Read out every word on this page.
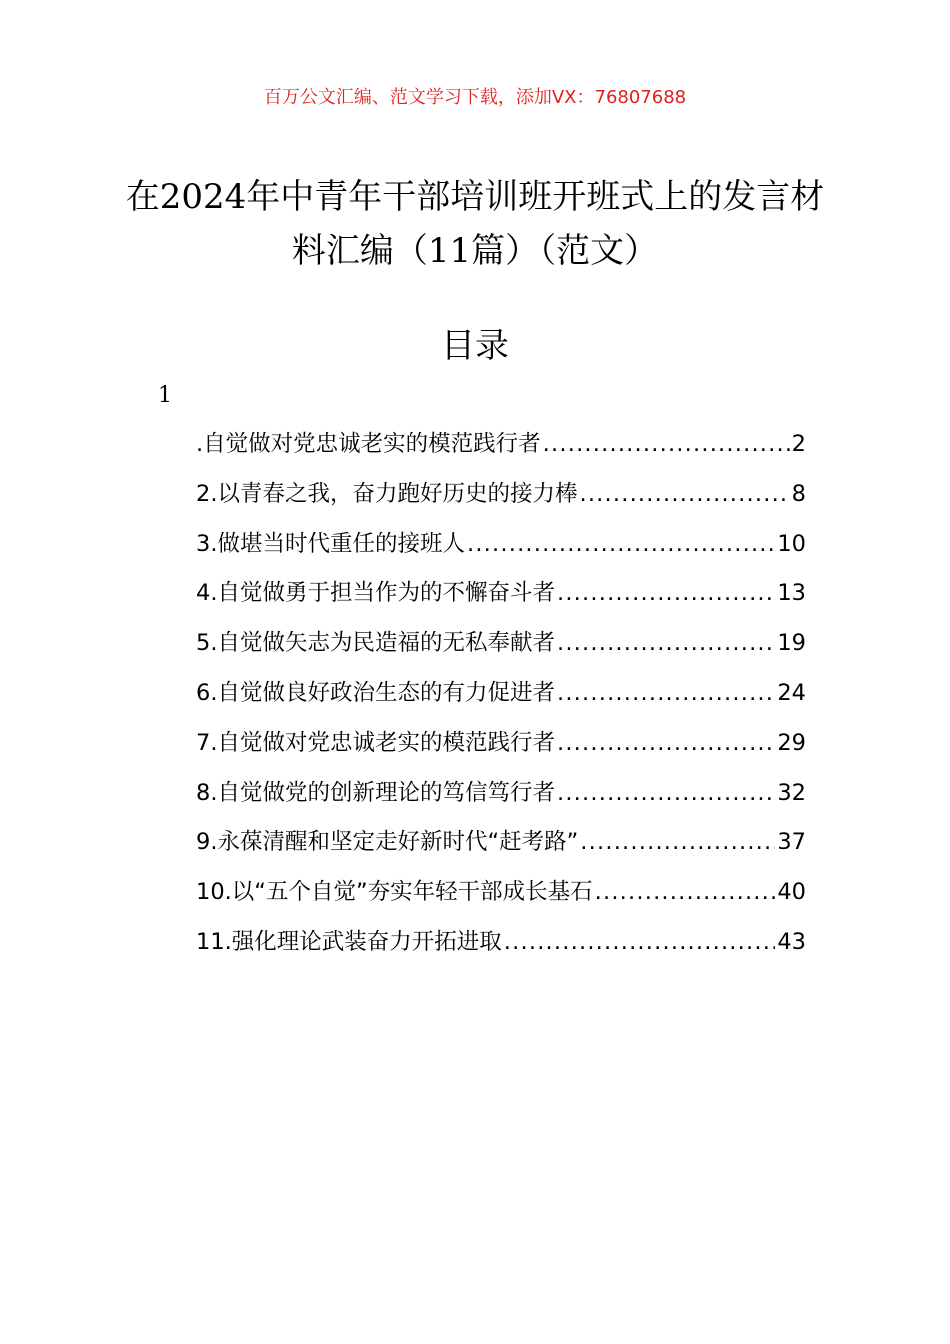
百万公文汇编、范文学习下载，添加VX：76807688
在2024年中青年干部培训班开班式上的发言材料汇编（11篇）（范文）
目录
1
.自觉做对党忠诚老实的模范践行者 .....	2
2.以青春之我，奋力跑好历史的接力棒 .....	8
3.做堪当时代重任的接班人 .....	10
4.自觉做勇于担当作为的不懈奋斗者 .....	13
5.自觉做矢志为民造福的无私奉献者 .....	19
6.自觉做良好政治生态的有力促进者 .....	24
7.自觉做对党忠诚老实的模范践行者 .....	29
8.自觉做党的创新理论的笃信笃行者 .....	32
9.永葆清醒和坚定走好新时代“赶考路” .....	37
10.以“五个自觉”夯实年轻干部成长基石 .....	40
11.强化理论武装奋力开拓进取 .....	43
